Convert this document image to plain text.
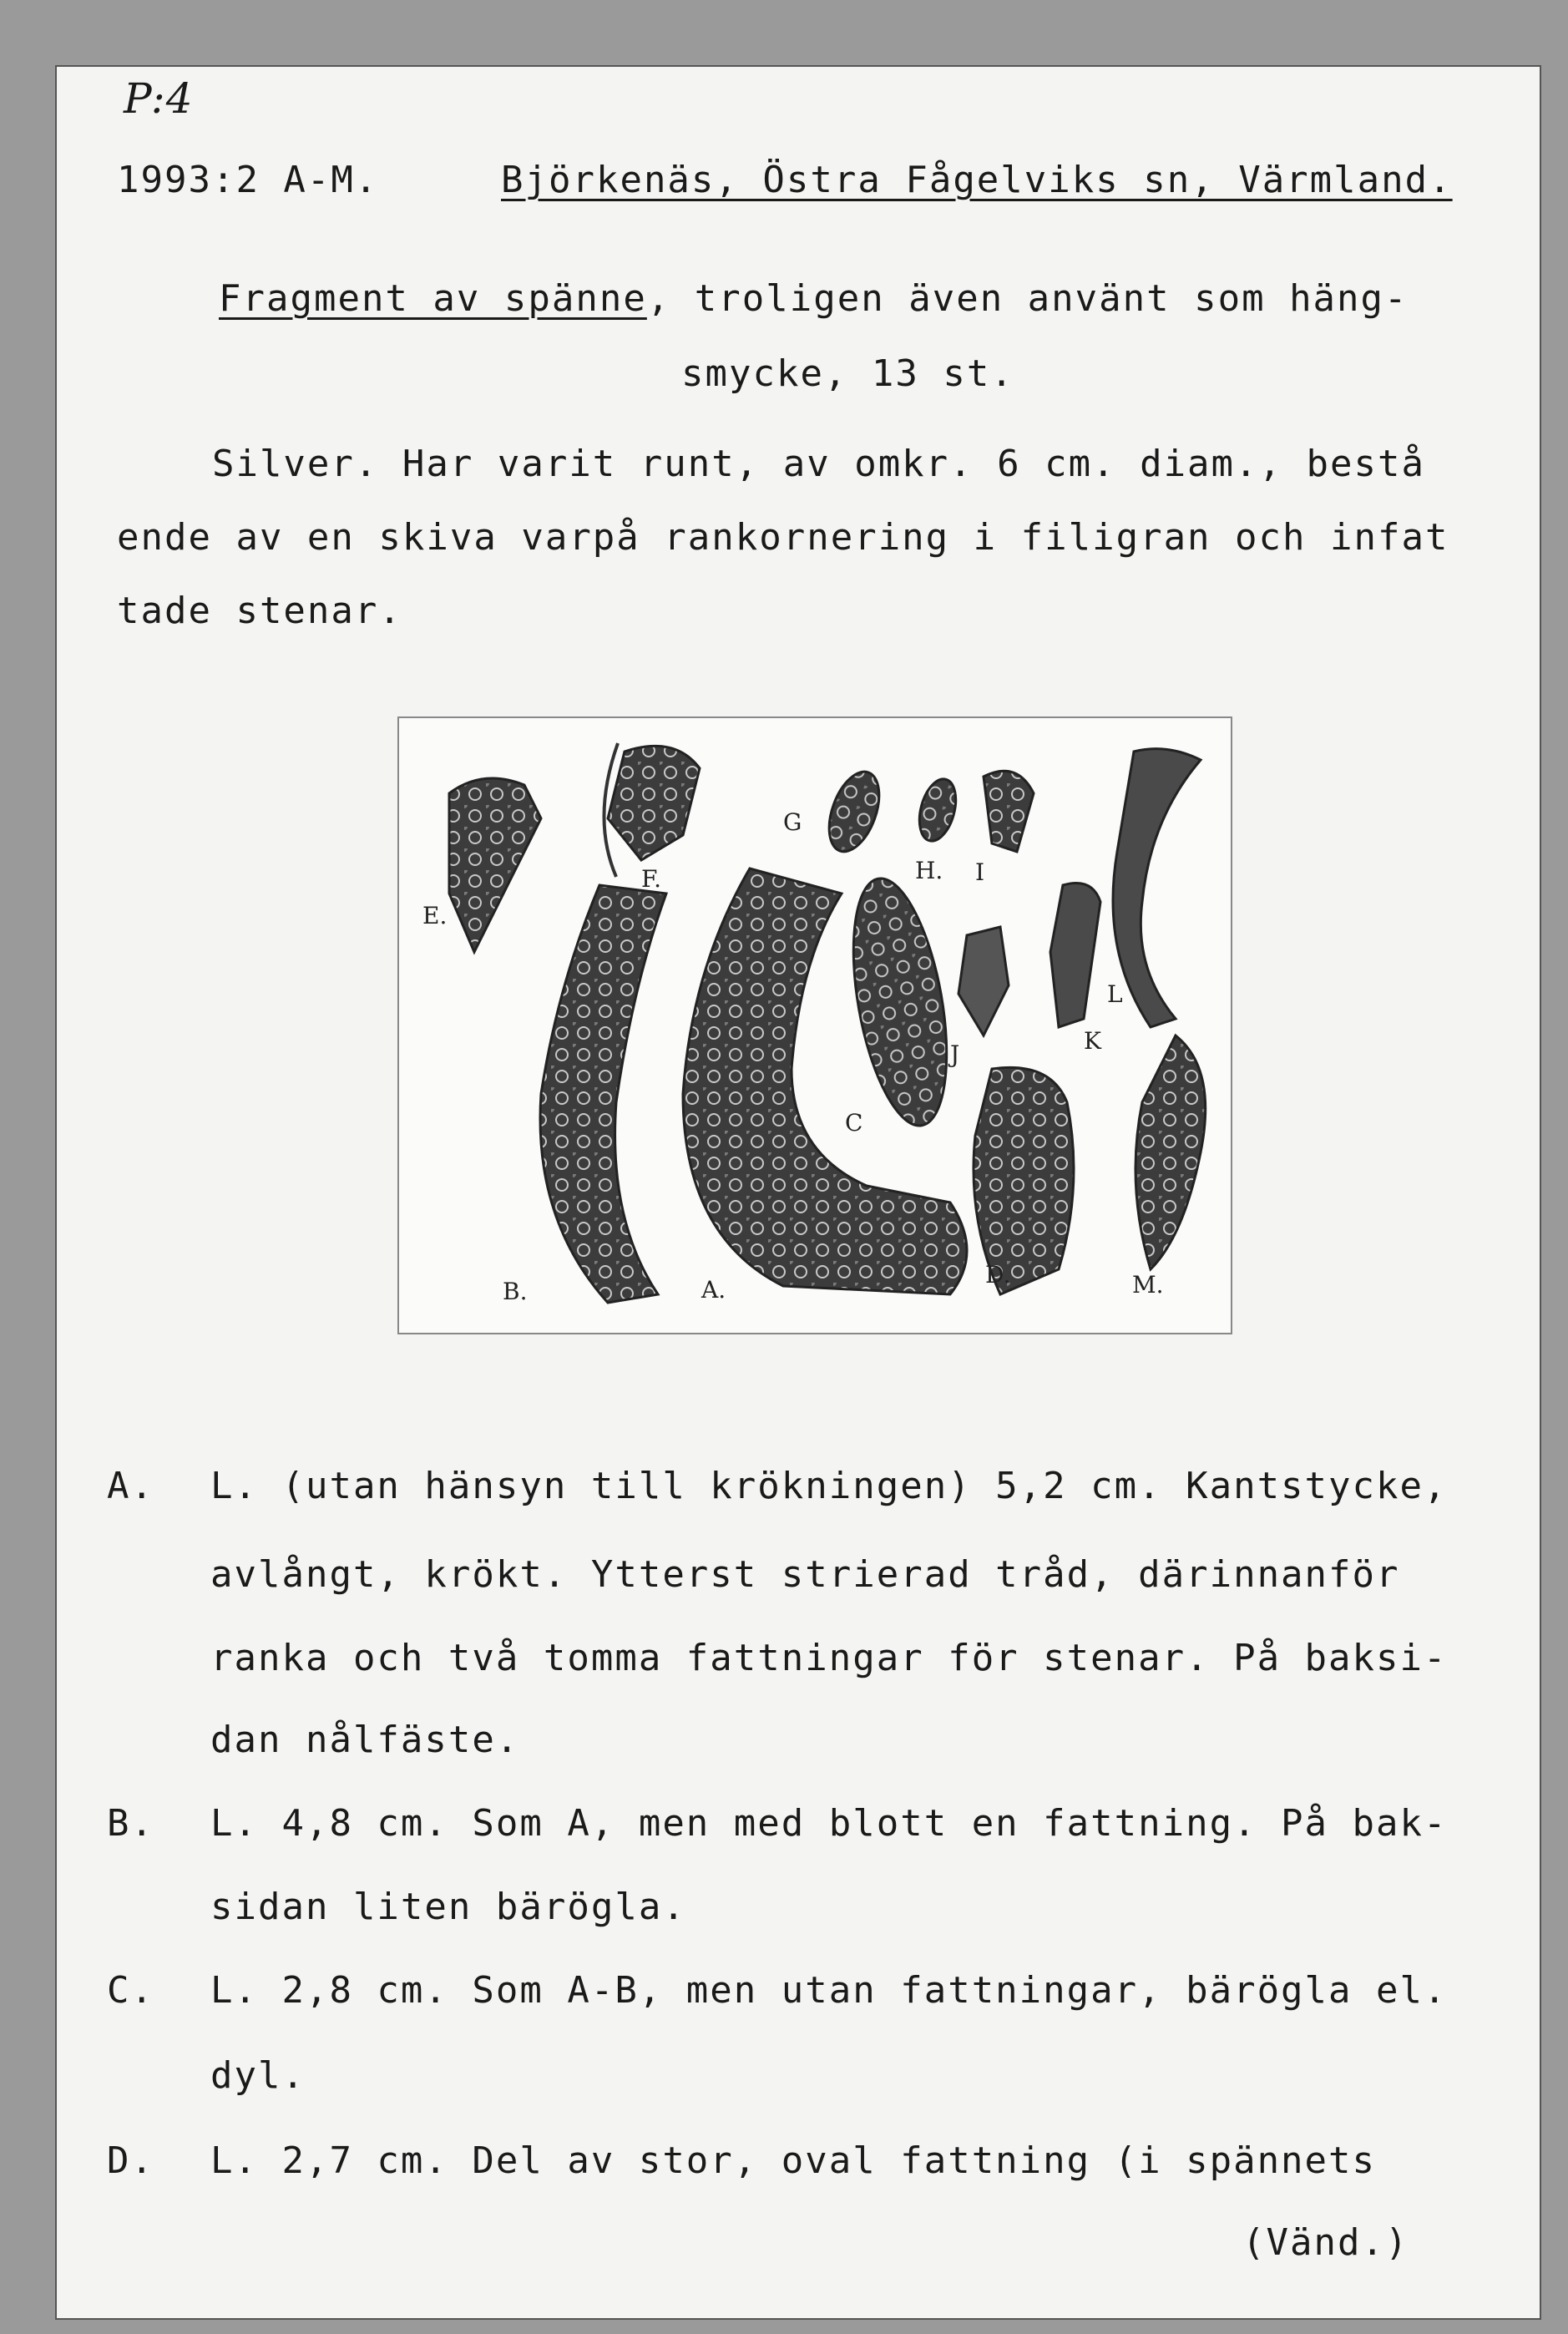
P:4
1993:2 A-M.	Björkenäs, Östra Fågelviks sn, Värmland.
Fragment av spänne, troligen även använt som häng-
smycke, 13 st.
Silver. Har varit runt, av omkr. 6 cm. diam., bestå
ende av en skiva varpå rankornering i filigran och infat
tade stenar.
E.
F.
G
H. I
B.	A.
C
J	K
L
D.	M.
A. L. (utan hänsyn till krökningen) 5,2 cm. Kantstycke,
avlångt, krökt. Ytterst strierad tråd, därinnanför
ranka och två tomma fattningar för stenar. På baksi-
dan nålfäste.
B. L. 4,8 cm. Som A, men med blott en fattning. På bak-
sidan liten bärögla.
C. L. 2,8 cm. Som A-B, men utan fattningar, bärögla el.
dyl.
D. L. 2,7 cm. Del av stor, oval fattning (i spännets
(Vänd.)
